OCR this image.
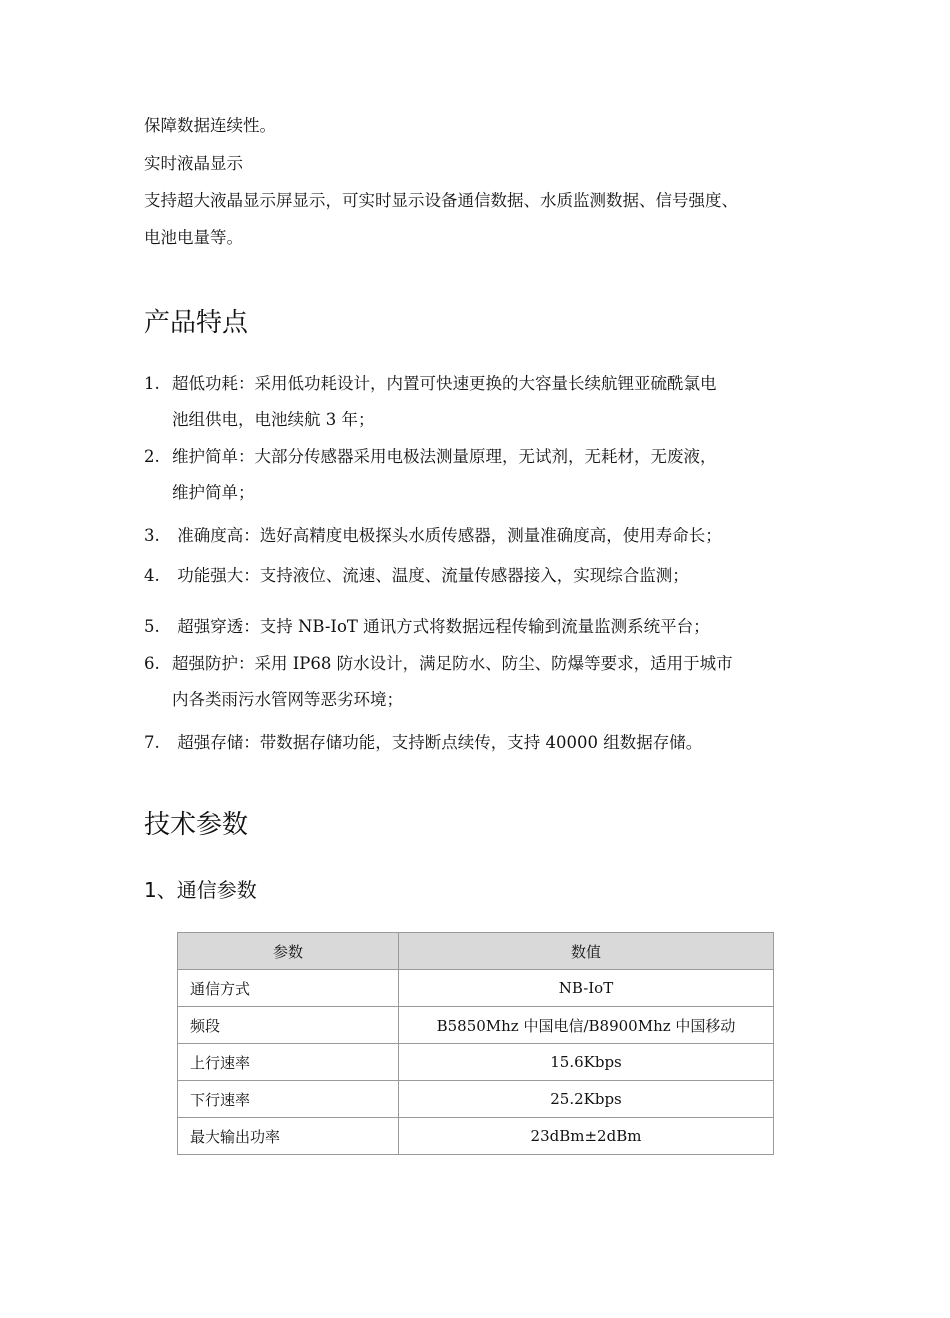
保障数据连续性。
实时液晶显示
支持超大液晶显示屏显示，可实时显示设备通信数据、水质监测数据、信号强度、
电池电量等。
产品特点
1. 超低功耗：采用低功耗设计，内置可快速更换的大容量长续航锂亚硫酰氯电
池组供电，电池续航 3 年；
2. 维护简单：大部分传感器采用电极法测量原理，无试剂，无耗材，无废液，
维护简单；
3. 准确度高：选好高精度电极探头水质传感器，测量准确度高，使用寿命长；
4. 功能强大：支持液位、流速、温度、流量传感器接入，实现综合监测；
5. 超强穿透：支持 NB-IoT 通讯方式将数据远程传输到流量监测系统平台；
6. 超强防护：采用 IP68 防水设计，满足防水、防尘、防爆等要求，适用于城市
内各类雨污水管网等恶劣环境；
7. 超强存储：带数据存储功能，支持断点续传，支持 40000 组数据存储。
技术参数
1、通信参数
参数	数值
通信方式	NB-IoT
频段	B5850Mhz 中国电信/B8900Mhz 中国移动
上行速率	15.6Kbps
下行速率	25.2Kbps
最大输出功率	23dBm±2dBm
